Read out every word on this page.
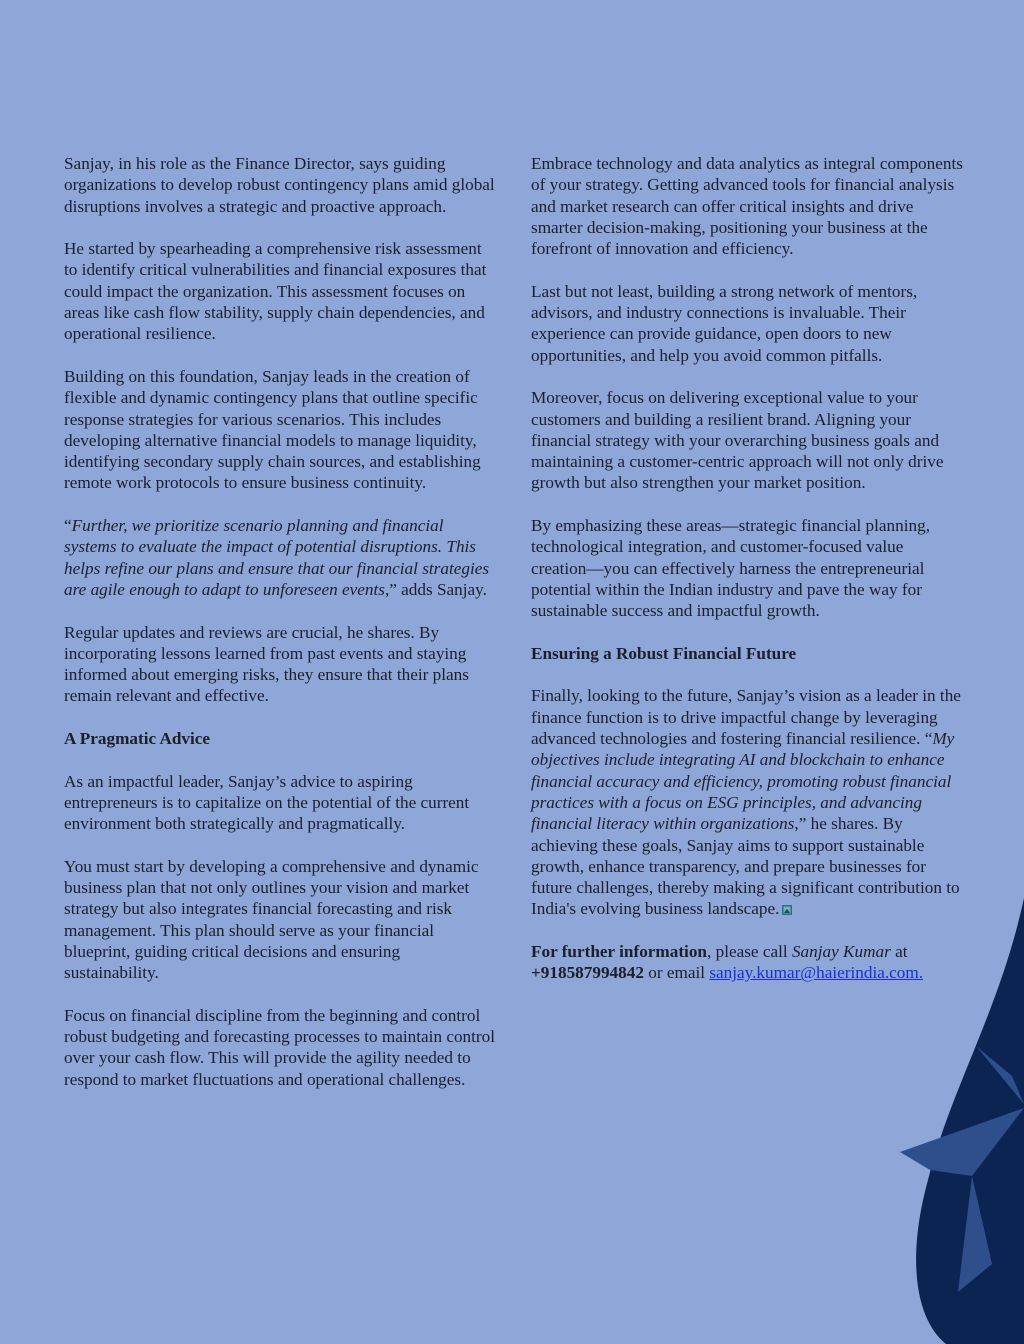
Sanjay, in his role as the Finance Director, says guiding organizations to develop robust contingency plans amid global disruptions involves a strategic and proactive approach.

He started by spearheading a comprehensive risk assessment to identify critical vulnerabilities and financial exposures that could impact the organization. This assessment focuses on areas like cash flow stability, supply chain dependencies, and operational resilience.

Building on this foundation, Sanjay leads in the creation of flexible and dynamic contingency plans that outline specific response strategies for various scenarios. This includes developing alternative financial models to manage liquidity, identifying secondary supply chain sources, and establishing remote work protocols to ensure business continuity.

“Further, we prioritize scenario planning and financial systems to evaluate the impact of potential disruptions. This helps refine our plans and ensure that our financial strategies are agile enough to adapt to unforeseen events,” adds Sanjay.

Regular updates and reviews are crucial, he shares. By incorporating lessons learned from past events and staying informed about emerging risks, they ensure that their plans remain relevant and effective.

A Pragmatic Advice

As an impactful leader, Sanjay’s advice to aspiring entrepreneurs is to capitalize on the potential of the current environment both strategically and pragmatically.

You must start by developing a comprehensive and dynamic business plan that not only outlines your vision and market strategy but also integrates financial forecasting and risk management. This plan should serve as your financial blueprint, guiding critical decisions and ensuring sustainability.

Focus on financial discipline from the beginning and control robust budgeting and forecasting processes to maintain control over your cash flow. This will provide the agility needed to respond to market fluctuations and operational challenges.

Embrace technology and data analytics as integral components of your strategy. Getting advanced tools for financial analysis and market research can offer critical insights and drive smarter decision-making, positioning your business at the forefront of innovation and efficiency.

Last but not least, building a strong network of mentors, advisors, and industry connections is invaluable. Their experience can provide guidance, open doors to new opportunities, and help you avoid common pitfalls.

Moreover, focus on delivering exceptional value to your customers and building a resilient brand. Aligning your financial strategy with your overarching business goals and maintaining a customer-centric approach will not only drive growth but also strengthen your market position.

By emphasizing these areas—strategic financial planning, technological integration, and customer-focused value creation—you can effectively harness the entrepreneurial potential within the Indian industry and pave the way for sustainable success and impactful growth.

Ensuring a Robust Financial Future

Finally, looking to the future, Sanjay’s vision as a leader in the finance function is to drive impactful change by leveraging advanced technologies and fostering financial resilience. “My objectives include integrating AI and blockchain to enhance financial accuracy and efficiency, promoting robust financial practices with a focus on ESG principles, and advancing financial literacy within organizations,” he shares. By achieving these goals, Sanjay aims to support sustainable growth, enhance transparency, and prepare businesses for future challenges, thereby making a significant contribution to India's evolving business landscape.

For further information, please call Sanjay Kumar at
+918587994842 or email sanjay.kumar@haierindia.com.
